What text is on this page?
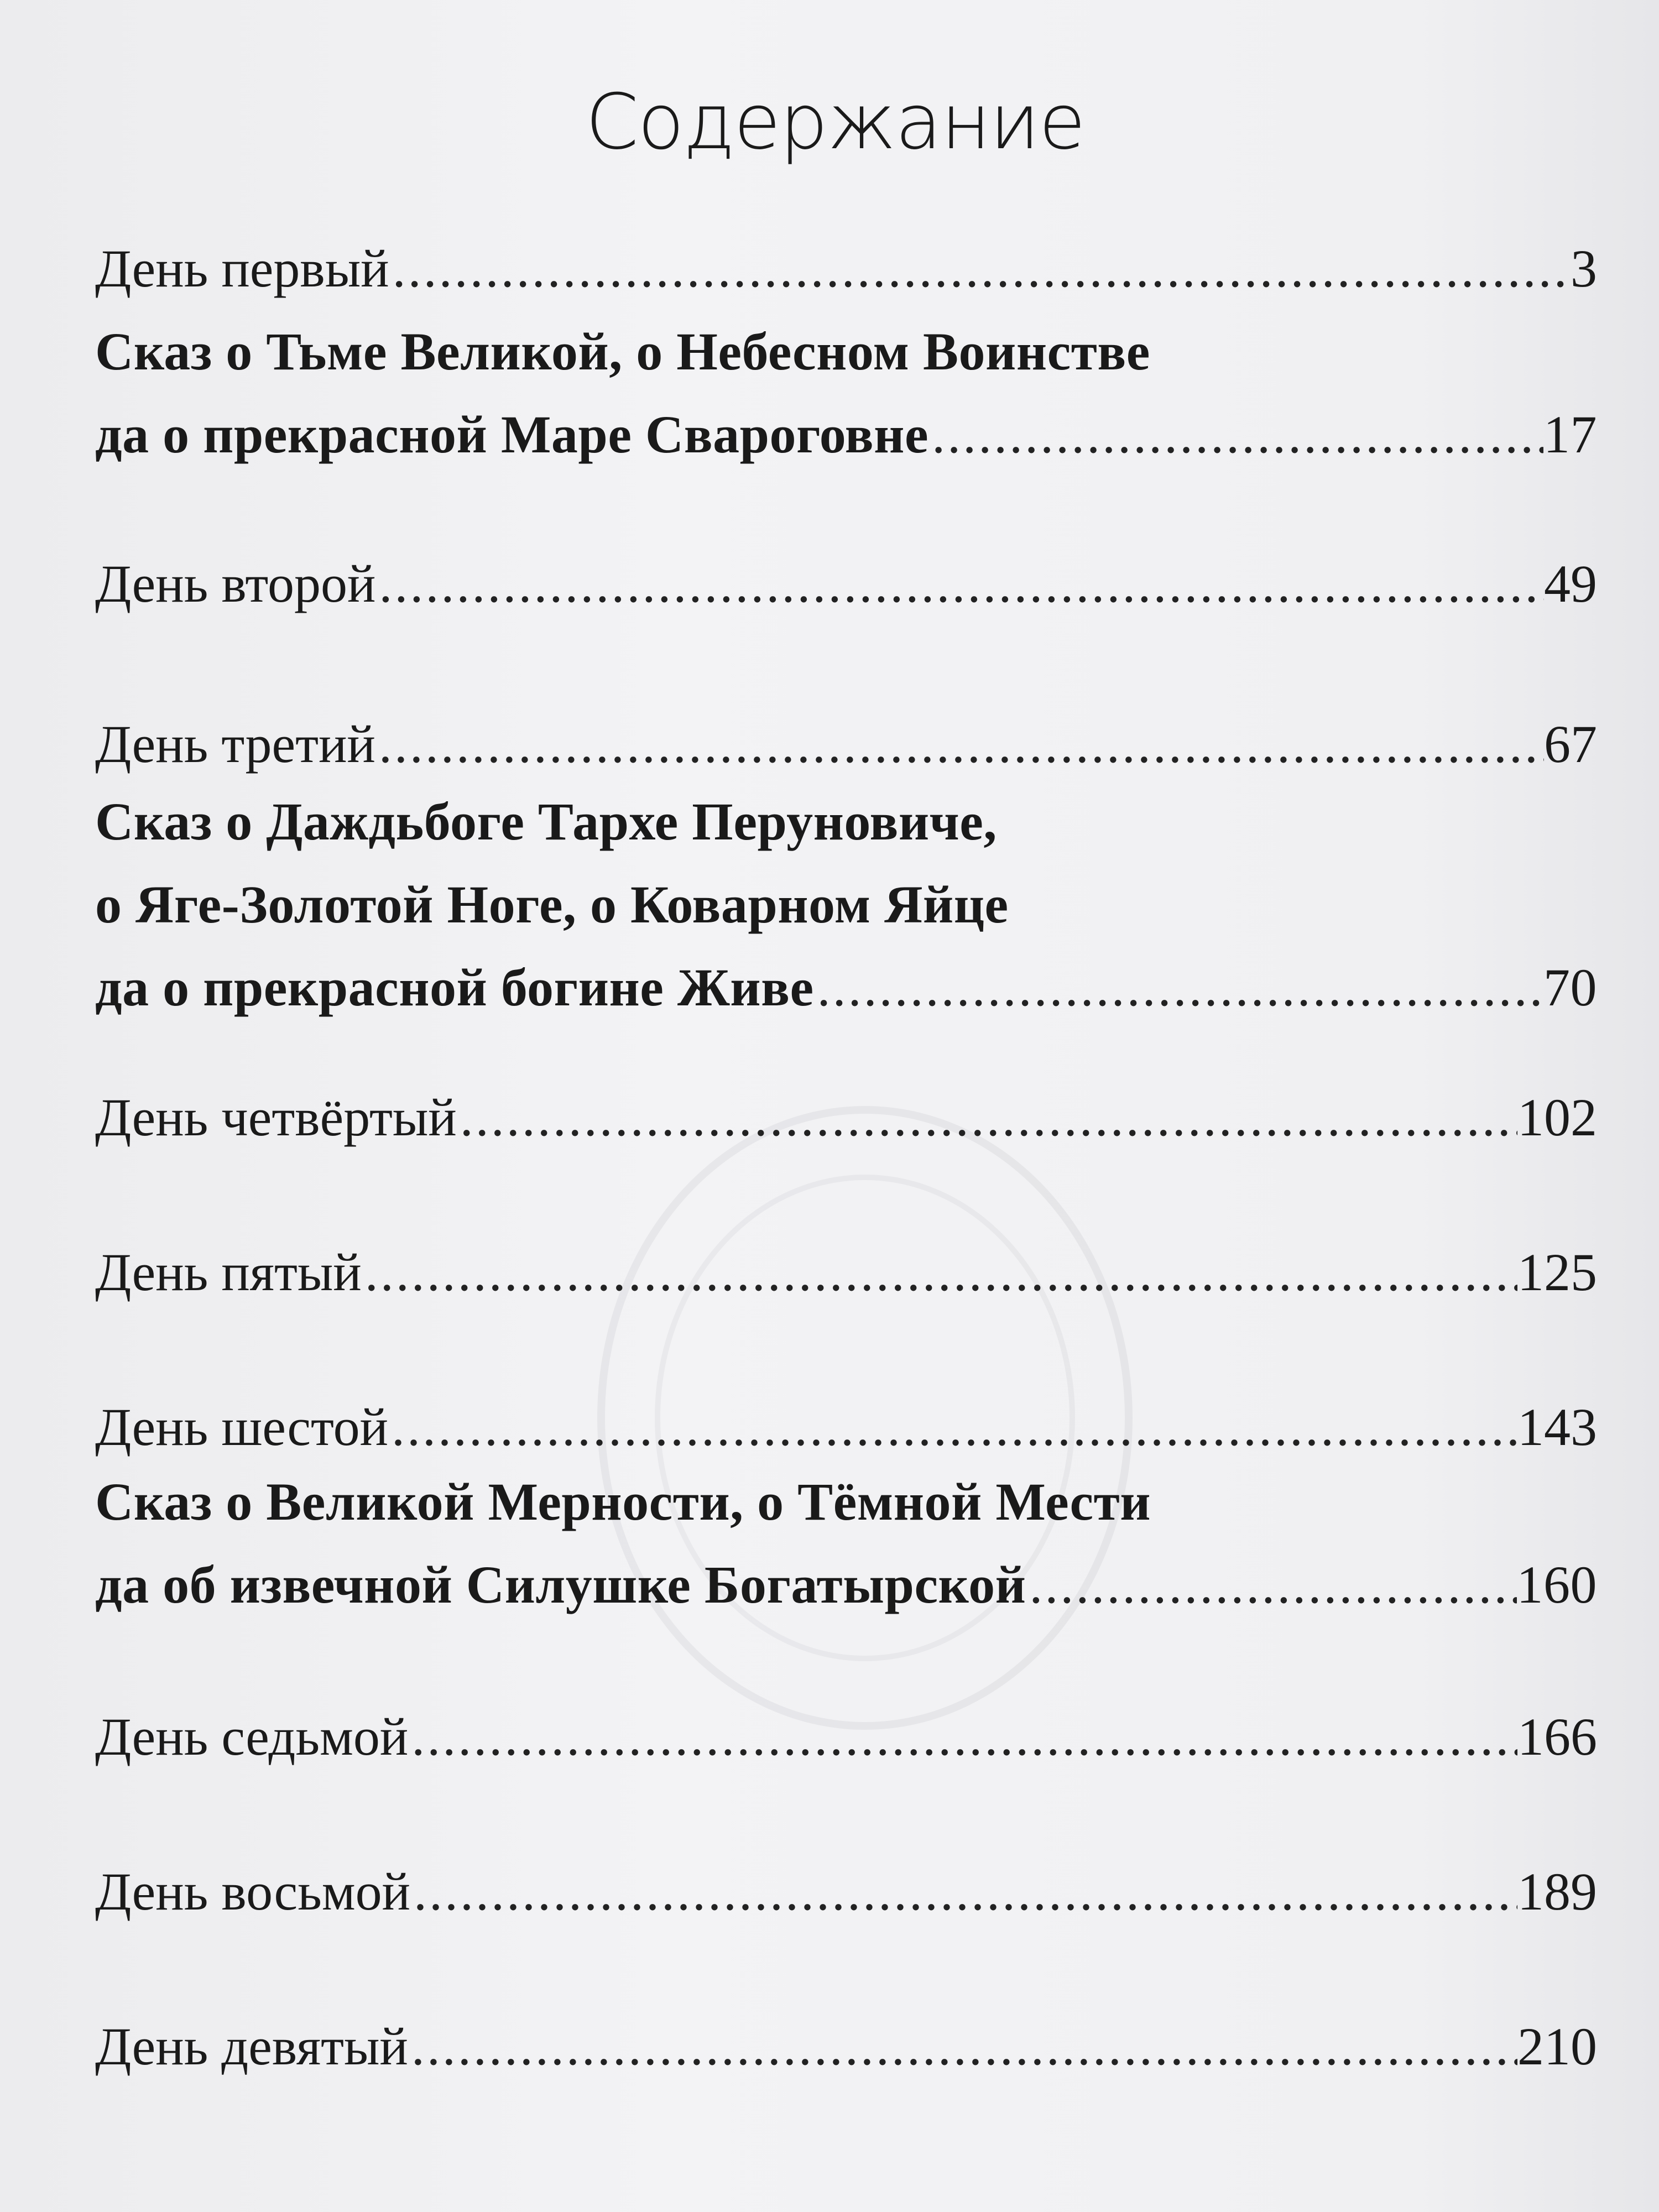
Содержание
День первый .....	3
Сказ о Тьме Великой, о Небесном Воинстве
да о прекрасной Маре Свароговне .....	17
День второй .....	49
День третий .....	67
Сказ о Даждьбоге Тархе Перуновиче,
о Яге-Золотой Ноге, о Коварном Яйце
да о прекрасной богине Живе .....	70
День четвёртый .....	102
День пятый .....	125
День шестой .....	143
Сказ о Великой Мерности, о Тёмной Мести
да об извечной Силушке Богатырской .....	160
День седьмой .....	166
День восьмой .....	189
День девятый .....	210
